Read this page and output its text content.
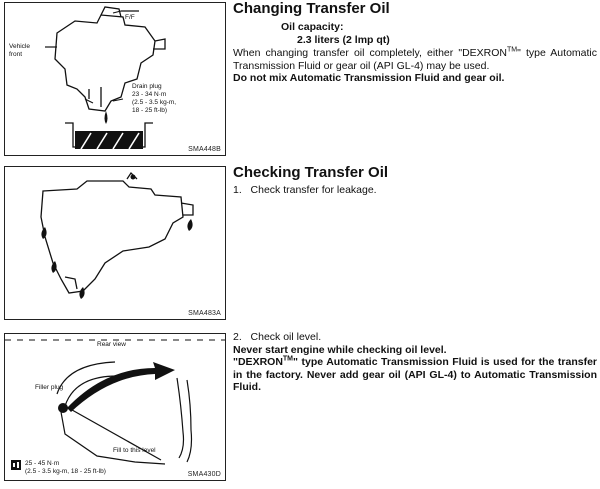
Vehicle
front
F/F
Drain plug
23 - 34 N·m
(2.5 - 3.5 kg-m,
18 - 25 ft-lb)
SMA448B
SMA483A
Rear view
Filler plug
Fill to this level
25 - 45 N·m
(2.5 - 3.5 kg-m, 18 - 25 ft-lb)	SMA430D
Changing Transfer Oil

Oil capacity:

2.3 liters (2 lmp qt)

When changing transfer oil completely, either "DEXRON™" type Automatic Transmission Fluid or gear oil (API GL-4) may be used.

Do not mix Automatic Transmission Fluid and gear oil.

Checking Transfer Oil

1. Check transfer for leakage.

2. Check oil level.

Never start engine while checking oil level.

"DEXRON™" type Automatic Transmission Fluid is used for the transfer in the factory. Never add gear oil (API GL-4) to Automatic Transmission Fluid.
